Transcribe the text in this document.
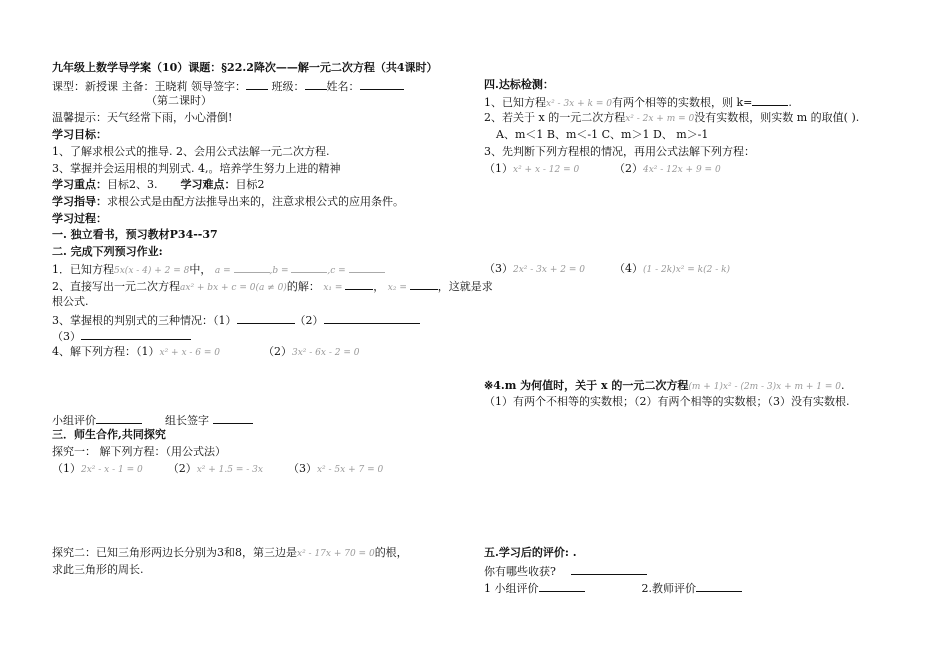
九年级上数学导学案（10）课题：§22.2降次——解一元二次方程（共4课时）
课型：新授课 主备：王晓莉 领导签字： 班级： 姓名：
（第二课时）
温馨提示：天气经常下雨，小心滑倒!
学习目标：
1、了解求根公式的推导. 2、会用公式法解一元二次方程.
3、掌握并会运用根的判别式. 4,。培养学生努力上进的精神
学习重点：目标2、3. 学习难点：目标2
学习指导：求根公式是由配方法推导出来的，注意求根公式的应用条件。
学习过程：
一. 独立看书，预习教材P34--37
二. 完成下列预习作业:
1．已知方程5x(x - 4) + 2 = 8中， a =	,b =	,c =
2、直接写出一元二次方程ax² + bx + c = 0(a ≠ 0)的解： x₁ =	， x₂ =	，这就是求
根公式.
3、掌握根的判别式的三种情况：（1）	（2）
（3）
4、解下列方程：（1）x² + x - 6 = 0	（2）3x² - 6x - 2 = 0
小组评价	组长签字
三．师生合作,共同探究
探究一： 解下列方程：（用公式法）
（1）2x² - x - 1 = 0 （2）x² + 1.5 = - 3x （3）x² - 5x + 7 = 0
探究二：已知三角形两边长分别为3和8，第三边是x² - 17x + 70 = 0的根，
求此三角形的周长.
四.达标检测：
1、已知方程x² - 3x + k = 0有两个相等的实数根，则 k=	.
2、若关于 x 的一元二次方程x² - 2x + m = 0没有实数根，则实数 m 的取值( ).
A、m＜1 B、m＜-1 C、m＞1 D、 m＞-1
3、先判断下列方程根的情况，再用公式法解下列方程：
（1）x² + x - 12 = 0	（2）4x² - 12x + 9 = 0
（3）2x² - 3x + 2 = 0	（4）(1 - 2k)x² = k(2 - k)
※4.m 为何值时，关于 x 的一元二次方程(m + 1)x² - (2m - 3)x + m + 1 = 0.
（1）有两个不相等的实数根；（2）有两个相等的实数根；（3）没有实数根.
五.学习后的评价: .
你有哪些收获?
1 小组评价	2.教师评价
